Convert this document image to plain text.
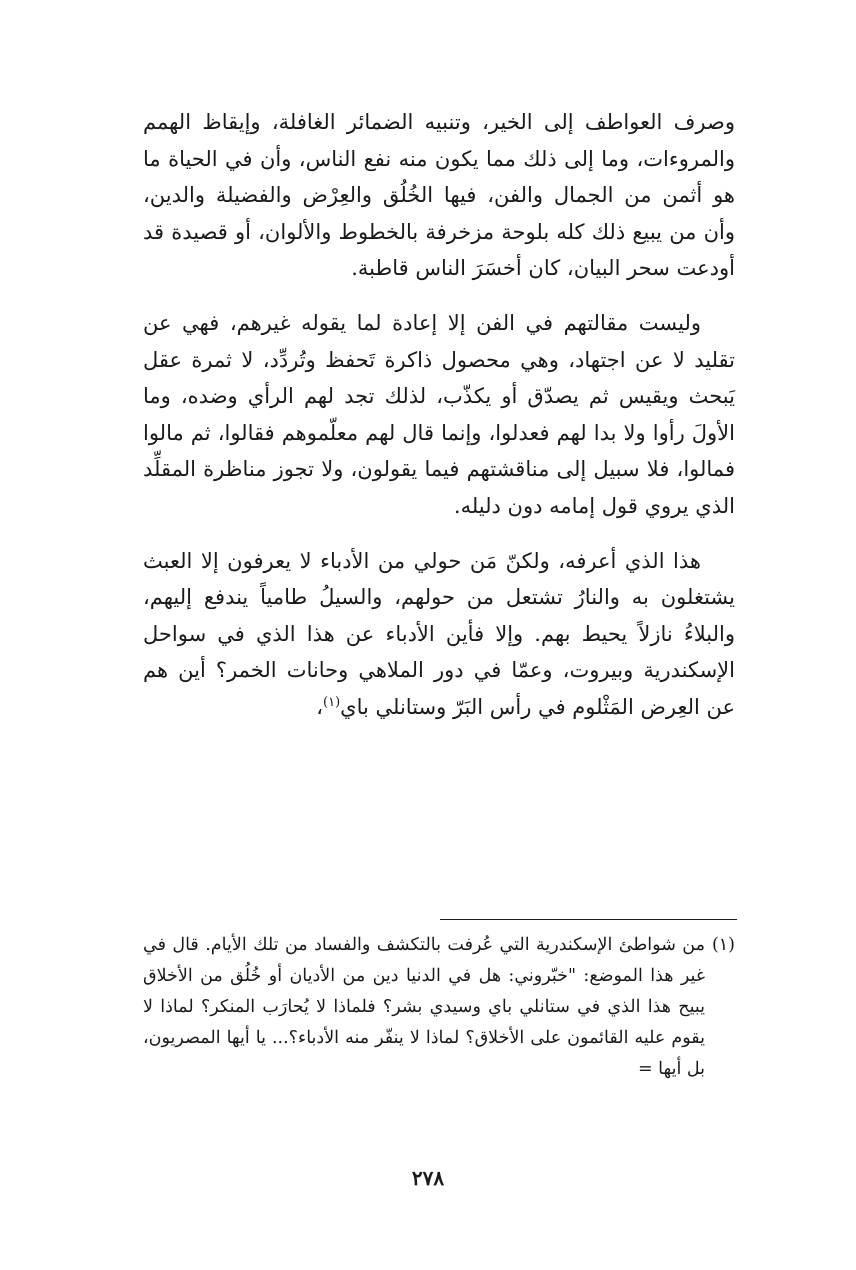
وصرف العواطف إلى الخير، وتنبيه الضمائر الغافلة، وإيقاظ الهمم والمروءات، وما إلى ذلك مما يكون منه نفع الناس، وأن في الحياة ما هو أثمن من الجمال والفن، فيها الخُلُق والعِرْض والفضيلة والدين، وأن من يبيع ذلك كله بلوحة مزخرفة بالخطوط والألوان، أو قصيدة قد أودعت سحر البيان، كان أخسَرَ الناس قاطبة.

وليست مقالتهم في الفن إلا إعادة لما يقوله غيرهم، فهي عن تقليد لا عن اجتهاد، وهي محصول ذاكرة تَحفظ وتُردِّد، لا ثمرة عقل يَبحث ويقيس ثم يصدّق أو يكذّب، لذلك تجد لهم الرأي وضده، وما الأولَ رأوا ولا بدا لهم فعدلوا، وإنما قال لهم معلّموهم فقالوا، ثم مالوا فمالوا، فلا سبيل إلى مناقشتهم فيما يقولون، ولا تجوز مناظرة المقلِّد الذي يروي قول إمامه دون دليله.

هذا الذي أعرفه، ولكنّ مَن حولي من الأدباء لا يعرفون إلا العبث يشتغلون به والنارُ تشتعل من حولهم، والسيلُ طامياً يندفع إليهم، والبلاءُ نازلاً يحيط بهم. وإلا فأين الأدباء عن هذا الذي في سواحل الإسكندرية وبيروت، وعمّا في دور الملاهي وحانات الخمر؟ أين هم عن العِرض المَثْلوم في رأس البَرّ وستانلي باي$^{(١)}$،

(١)

من شواطئ الإسكندرية التي عُرفت بالتكشف والفساد من تلك الأيام. قال في غير هذا الموضع: "خبّروني: هل في الدنيا دين من الأديان أو خُلُق من الأخلاق يبيح هذا الذي في ستانلي باي وسيدي بشر؟ فلماذا لا يُحارَب المنكر؟ لماذا لا يقوم عليه القائمون على الأخلاق؟ لماذا لا ينفّر منه الأدباء؟... يا أيها المصريون، بل أيها =

٢٧٨
